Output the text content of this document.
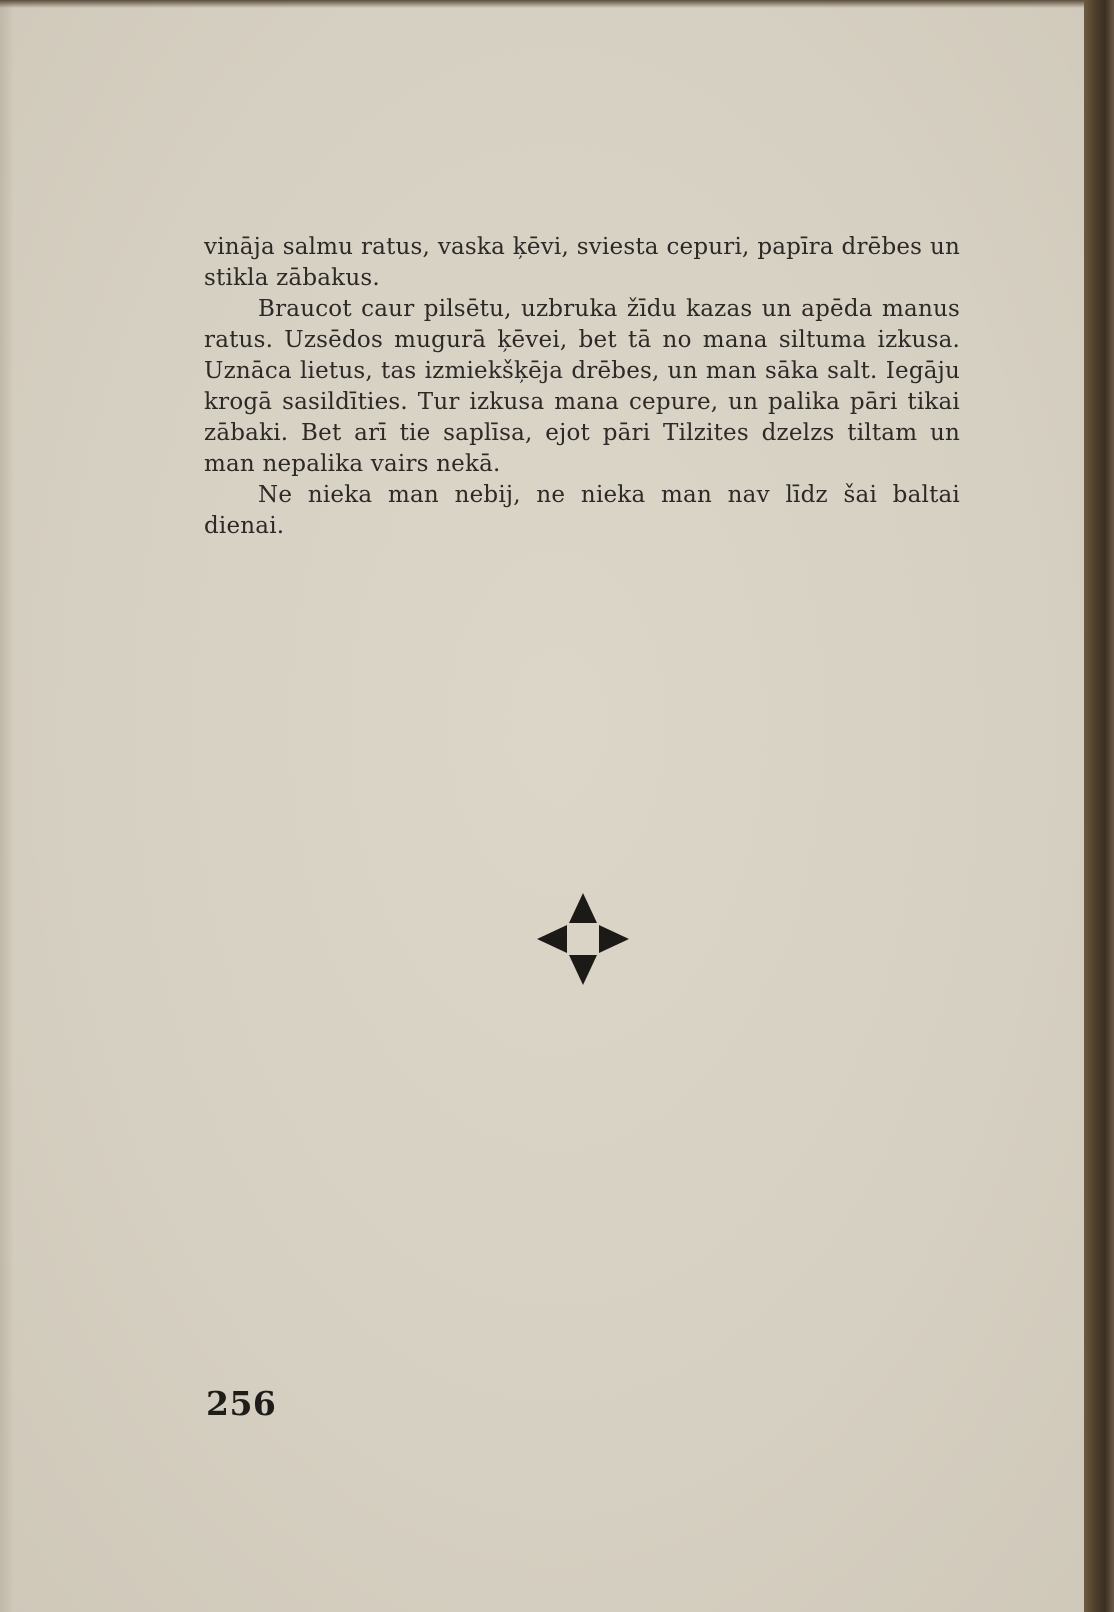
vināja salmu ratus, vaska ķēvi, sviesta cepuri, papīra drēbes un stikla zābakus.

Braucot caur pilsētu, uzbruka žīdu kazas un apēda manus ratus. Uzsēdos mugurā ķēvei, bet tā no mana siltuma izkusa. Uznāca lietus, tas izmiekšķēja drēbes, un man sāka salt. Iegāju krogā sasildīties. Tur izkusa mana cepure, un palika pāri tikai zābaki. Bet arī tie saplīsa, ejot pāri Tilzites dzelzs tiltam un man nepalika vairs nekā.

Ne nieka man nebij, ne nieka man nav līdz šai baltai dienai.

256
